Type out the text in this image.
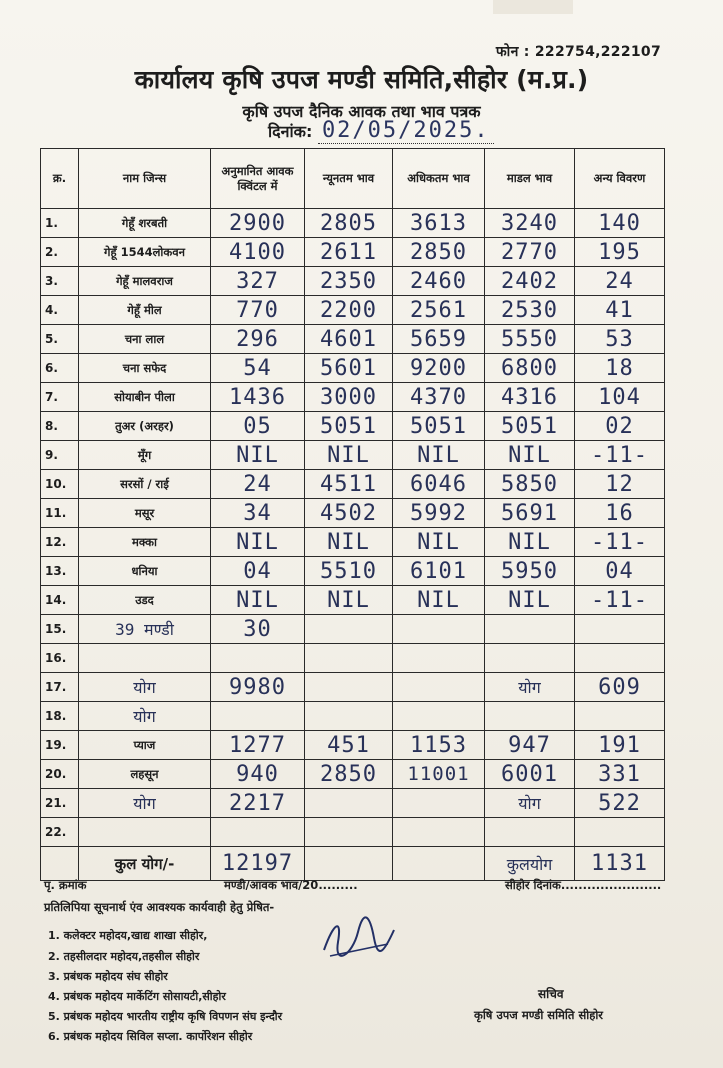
फोन : 222754,222107
कार्यालय कृषि उपज मण्डी समिति,सीहोर (म.प्र.)
कृषि उपज दैनिक आवक तथा भाव पत्रक
दिनांक: 02/05/2025.
क्र.	नाम जिन्स	अनुमानित आवक क्विंटल में	न्यूनतम भाव	अधिकतम भाव	माडल भाव	अन्य विवरण
1.	गेहूँ शरबती	2900	2805	3613	3240	140
2.	गेहूँ 1544लोकवन	4100	2611	2850	2770	195
3.	गेहूँ मालवराज	327	2350	2460	2402	24
4.	गेहूँ मील	770	2200	2561	2530	41
5.	चना लाल	296	4601	5659	5550	53
6.	चना सफेद	54	5601	9200	6800	18
7.	सोयाबीन पीला	1436	3000	4370	4316	104
8.	तुअर (अरहर)	05	5051	5051	5051	02
9.	मूँग	NIL	NIL	NIL	NIL	-11-
10.	सरसों / राई	24	4511	6046	5850	12
11.	मसूर	34	4502	5992	5691	16
12.	मक्का	NIL	NIL	NIL	NIL	-11-
13.	धनिया	04	5510	6101	5950	04
14.	उडद	NIL	NIL	NIL	NIL	-11-
15.	39 मण्डी	30				
16.						
17.	योग	9980			योग	609
18.	योग					
19.	प्याज	1277	451	1153	947	191
20.	लहसून	940	2850	11001	6001	331
21.	योग	2217			योग	522
22.						
	कुल योग/-	12197			कुलयोग	1131
पृ. क्रमांक	मण्डी/आवक भाव/20.........	सीहोर दिनांक.......................
प्रतिलिपिया सूचनार्थ एंव आवश्यक कार्यवाही हेतु प्रेषित-
1. कलेक्टर महोदय,खाद्य शाखा सीहोर,
2. तहसीलदार महोदय,तहसील सीहोर
3. प्रबंधक महोदय संघ सीहोर
4. प्रबंधक महोदय मार्केटिंग सोसायटी,सीहोर
5. प्रबंधक महोदय भारतीय राष्ट्रीय कृषि विपणन संघ इन्दौर
6. प्रबंधक महोदय सिविल सप्ला. कार्पोरेशन सीहोर
सचिव
कृषि उपज मण्डी समिति सीहोर
